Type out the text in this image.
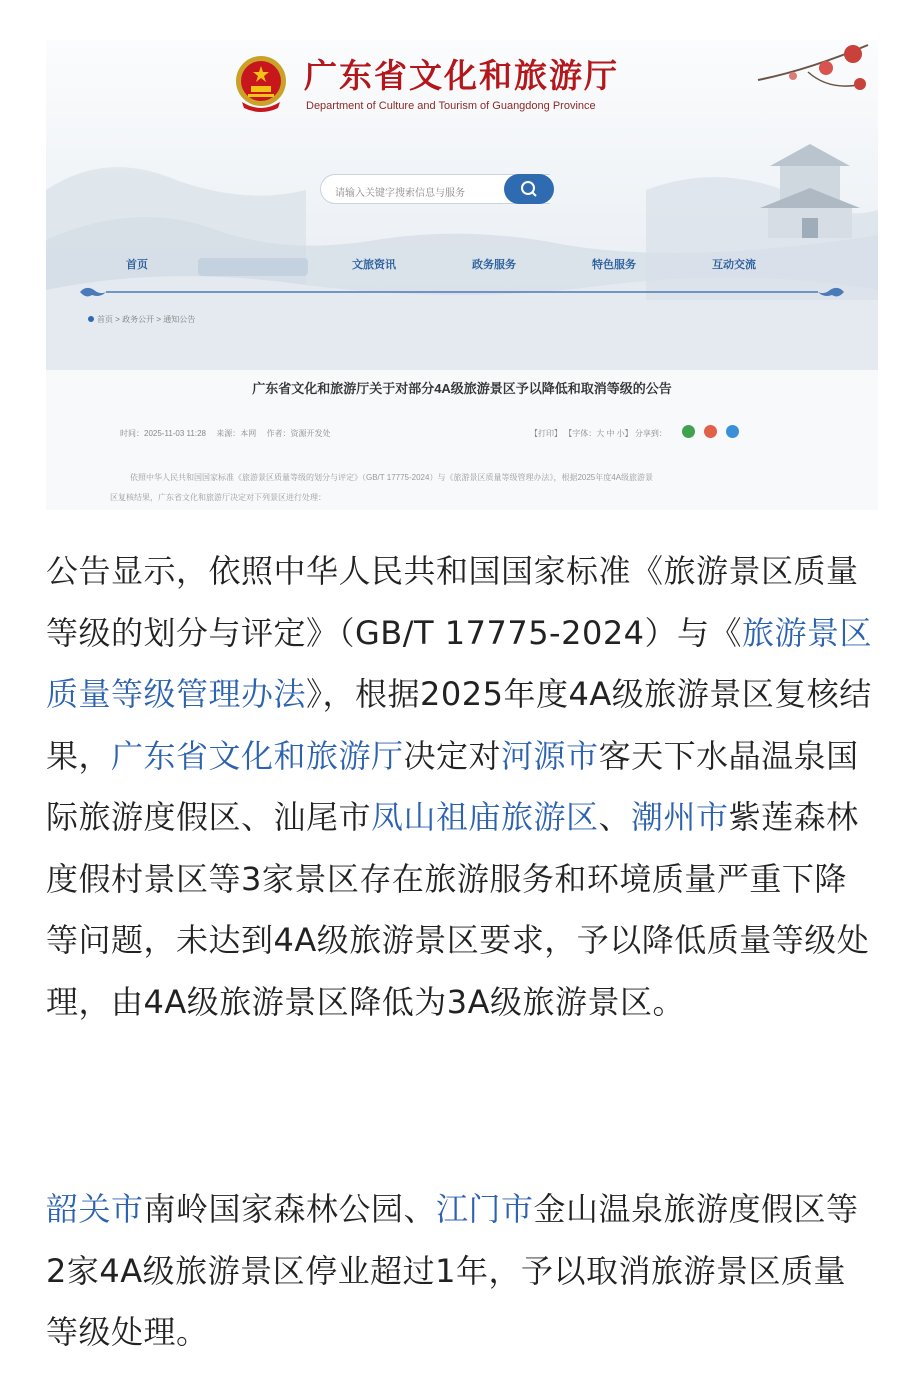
广东省文化和旅游厅
Department of Culture and Tourism of Guangdong Province
请输入关键字搜索信息与服务
首页	文旅资讯	政务服务	特色服务	互动交流
首页 > 政务公开 > 通知公告
广东省文化和旅游厅关于对部分4A级旅游景区予以降低和取消等级的公告
时间：2025-11-03 11:28 来源：本网 作者：资源开发处	【打印】 【字体：大 中 小】 分享到：
依照中华人民共和国国家标准《旅游景区质量等级的划分与评定》（GB/T 17775-2024）与《旅游景区质量等级管理办法》，根据2025年度4A级旅游景
区复核结果，广东省文化和旅游厅决定对下列景区进行处理：
公告显示，依照中华人民共和国国家标准《旅游景区质量等级的划分与评定》（GB/T 17775-2024）与《旅游景区质量等级管理办法》，根据2025年度4A级旅游景区复核结果，广东省文化和旅游厅决定对河源市客天下水晶温泉国际旅游度假区、汕尾市凤山祖庙旅游区、潮州市紫莲森林度假村景区等3家景区存在旅游服务和环境质量严重下降等问题，未达到4A级旅游景区要求，予以降低质量等级处理，由4A级旅游景区降低为3A级旅游景区。
韶关市南岭国家森林公园、江门市金山温泉旅游度假区等2家4A级旅游景区停业超过1年，予以取消旅游景区质量等级处理。
